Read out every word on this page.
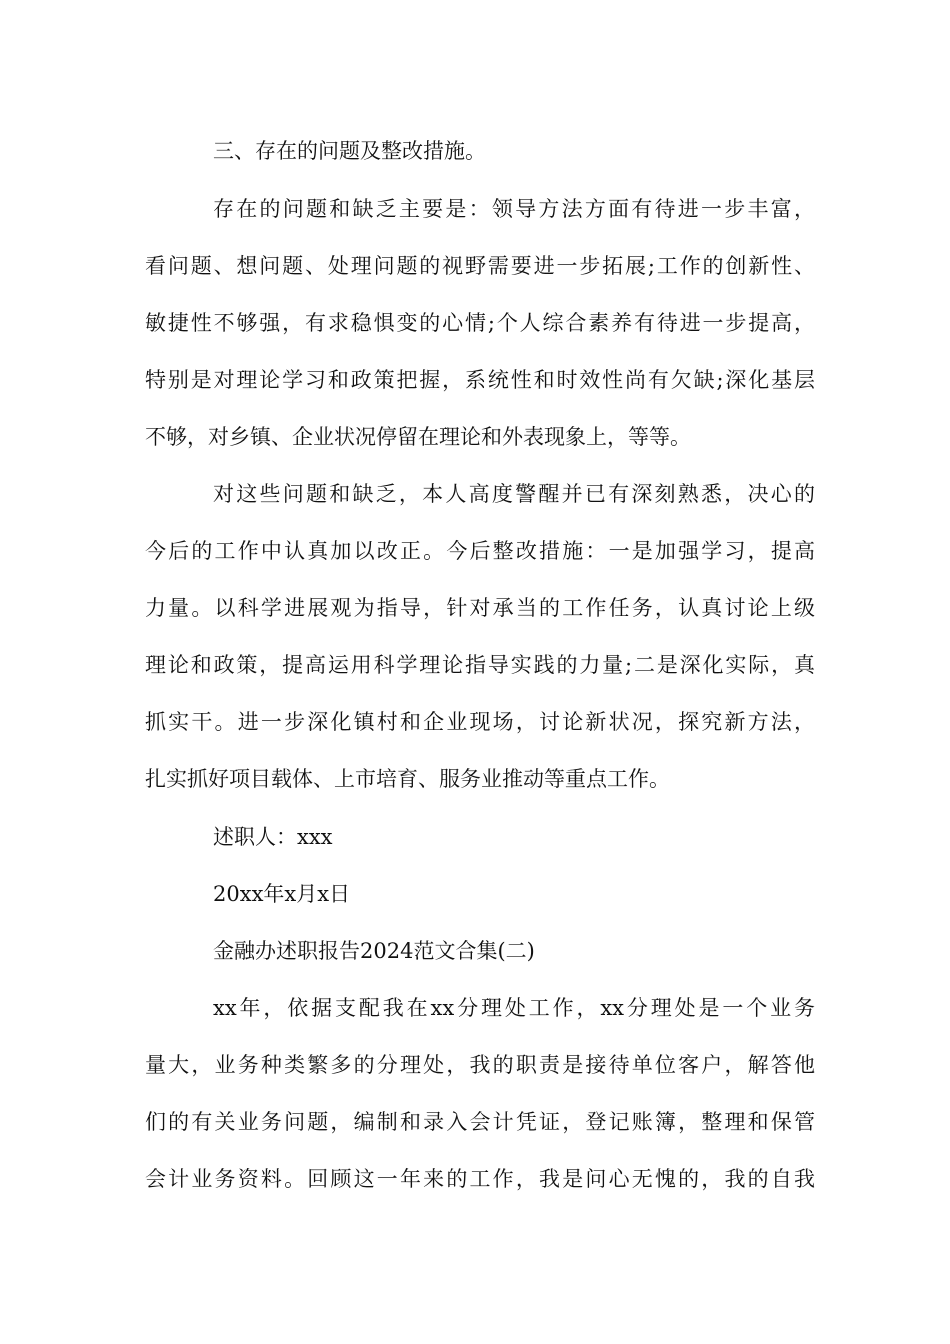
三、存在的问题及整改措施。
存在的问题和缺乏主要是：领导方法方面有待进一步丰富，
看问题、想问题、处理问题的视野需要进一步拓展;工作的创新性、
敏捷性不够强，有求稳惧变的心情;个人综合素养有待进一步提高，
特别是对理论学习和政策把握，系统性和时效性尚有欠缺;深化基层
不够，对乡镇、企业状况停留在理论和外表现象上，等等。
对这些问题和缺乏，本人高度警醒并已有深刻熟悉，决心的
今后的工作中认真加以改正。今后整改措施：一是加强学习，提高
力量。以科学进展观为指导，针对承当的工作任务，认真讨论上级
理论和政策，提高运用科学理论指导实践的力量;二是深化实际，真
抓实干。进一步深化镇村和企业现场，讨论新状况，探究新方法，
扎实抓好项目载体、上市培育、服务业推动等重点工作。
述职人：xxx
20xx年x月x日
金融办述职报告2024范文合集(二)
xx年，依据支配我在xx分理处工作，xx分理处是一个业务
量大，业务种类繁多的分理处，我的职责是接待单位客户，解答他
们的有关业务问题，编制和录入会计凭证，登记账簿，整理和保管
会计业务资料。回顾这一年来的工作，我是问心无愧的，我的自我
